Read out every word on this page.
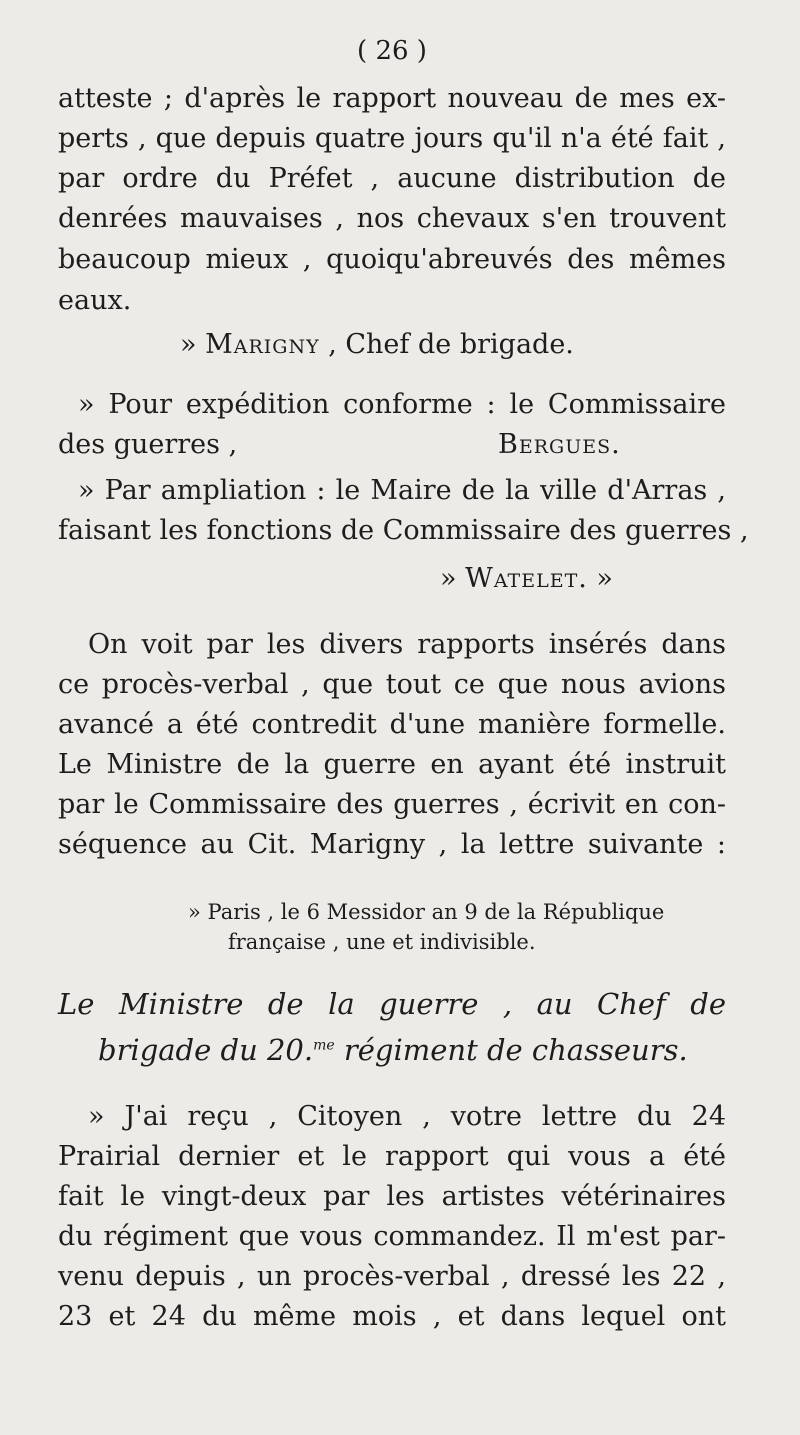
( 26 )
atteste ; d'après le rapport nouveau de mes ex-
perts , que depuis quatre jours qu'il n'a été fait ,
par ordre du Préfet , aucune distribution de
denrées mauvaises , nos chevaux s'en trouvent
beaucoup mieux , quoiqu'abreuvés des mêmes
eaux.
» Marigny , Chef de brigade.
» Pour expédition conforme : le Commissaire
des guerres ,	Bergues.
» Par ampliation : le Maire de la ville d'Arras ,
faisant les fonctions de Commissaire des guerres ,
» Watelet. »
On voit par les divers rapports insérés dans
ce procès-verbal , que tout ce que nous avions
avancé a été contredit d'une manière formelle.
Le Ministre de la guerre en ayant été instruit
par le Commissaire des guerres , écrivit en con-
séquence au Cit. Marigny , la lettre suivante :
» Paris , le 6 Messidor an 9 de la République
française , une et indivisible.
Le Ministre de la guerre , au Chef de
brigade du 20.$^{me}$ régiment de chasseurs.
» J'ai reçu , Citoyen , votre lettre du 24
Prairial dernier et le rapport qui vous a été
fait le vingt-deux par les artistes vétérinaires
du régiment que vous commandez. Il m'est par-
venu depuis , un procès-verbal , dressé les 22 ,
23 et 24 du même mois , et dans lequel ont
